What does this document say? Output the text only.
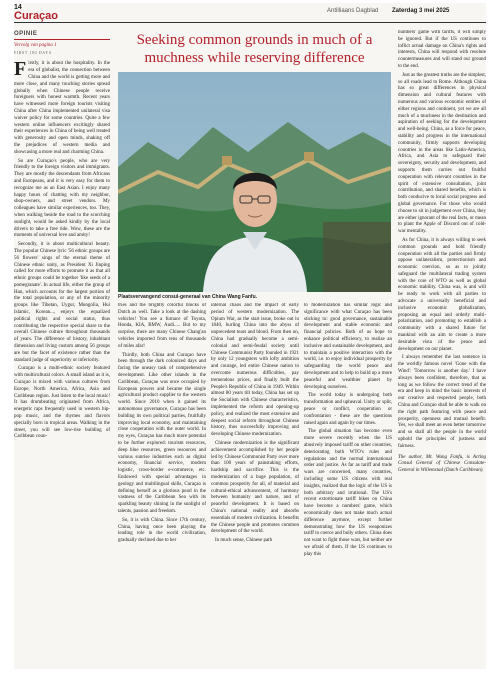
14
Curaçao	Antilliaans Dagblad Zaterdag 3 mei 2025
OPINIE
Vervolg van pagina 1
FIRST 180 DAYS

Firstly, it is about the hospitality. In the era of globalist, the connection between China and the world is getting more and more close, and many touching stories spread globally when Chinese people receive foreigners with honest warmth. Recent years have witnessed more foreign tourists visiting China after China implemented unilateral visa waiver policy for some countries. Quite a few western online influencers excitingly shared their experiences in China of being well treated with generosity and open minds, shaking off the prejudices of western media and showcasing a more real and charming China.

So are Curaçao's people, who are very friendly to the foreign visitors and immigrants. They are mostly the descendants from Africans and Europeans, and it is very easy for them to recognize me as an East Asian. I enjoy many happy hours of chatting with my neighbor, shop-owners, and street vendors. My colleagues have similar experiences, too. They, when walking beside the road to the scorching sunlight, would be asked kindly by the local drivers to take a free ride. Wow, these are the moments of universal love and amity!

Secondly, it is about multicultural beauty. The popular Chinese lyric '56 ethnic groups are 56 flowers' sings of the eternal theme of Chinese ethnic unity, as President Xi Jinping called for more efforts to promote it as that all ethnic groups could be together 'like seeds of a pomegranate'. In actual life, either the group of Han, which accounts for the largest portion of the total population, or any of the minority groups like Tibetan, Uygur, Mongolia, Hui Islamic, Korean..., enjoys the equalized political rights and social status, thus contributing the respective special share to the overall Chinese culture throughout thousands of years. The difference of history, inhabitant dimension and living custom among 56 groups are but the facet of existence rather than the standard judge of superiority or inferiority.

Curaçao is a multi-ethnic society featured with multicultural colors. A small island as it is, Curaçao is mixed with various cultures from Europe, North America, Africa, Asia and Caribbean region. Just listen to the local music! It has drumbeating originated from Africa, energetic raps frequently used in western hip-pop music, and the rhymes and flavors specially born in tropical areas. Walking in the street, you will see low-rise building of Caribbean coun-

Seeking common grounds in much of a muchness while reserving difference
Plaatsvervangend consul-generaal van China Wang Fanfu.

tries and the brightly colorful blocks of Dutch as well. Take a look at the dashing vehicles! You see a furnace of Toyota, Honda, KIA, BMW, Audi..... But to my surprise, there are many Chinese Chang'an vehicles imported from tens of thousands of miles afar!

Thirdly, both China and Curaçao have been through the dark colonized days and facing the uneasy task of comprehensive development. Like other islands in the Caribbean, Curaçao was once occupied by European powers and became the single agricultural product supplier to the western world. Since 2010 when it gained its autonomous governance, Curaçao has been building its own political parties, fruitfully improving local economy, and maintaining close cooperation with the outer world. In my eyes, Curaçao has much more potential to be further explored: tourism resources, deep blue resources, green resources and various sunrise industries such as digital economy, financial service, modern logistic, cross-border e-commerce, etc. Endowed with special advantages in geology and multilingual skills, Curaçao is defining herself as a glorious pearl in the vastness of the Caribbean Sea with its sparkling beauty shining in the sunlight of talents, passion and freedom.

So, it is with China. Since 17th century, China, having once been playing the leading role in the world civilization, gradually declined due to her

internal chaos and the impact of early period of western modernization. The Opium War, as the start issue, broke out in 1840, hurling China into the abyss of unprecedent tears and blood. From then on, China had gradually become a semi-colonial and semi-feudal society until Chinese Communist Party founded in 1921 by only 12 youngsters with lofty ambition and courage, led entire Chinese nation to overcome numerous difficulties, pay tremendous prices, and finally built the People's Republic of China in 1949. Within almost 80 years till today, China has set up the Socialism with Chinese characteristics, implemented the reform and opening-up policy, and realized the most extensive and deepest social reform throughout Chinese history, thus successfully improving and developing Chinese modernization.

Chinese modernization is the significant achievement accomplished by her people led by Chinese Communist Party over more than 100 years of painstaking efforts, hardship and sacrifice. This is the modernization of a huge population, of common prosperity for all, of material and cultural-ethical advancement, of harmony between humanity and nature, and of peaceful development. It is based on China's national reality and absorbs essentials of modern civilization. It benefits the Chinese people and promotes common development of the world.

In much sense, Chinese path

to modernization has similar logic and significance with what Curaçao has been sticking to: good governance, sustainable development and stable economic and financial policies. Both of us hope to enhance political efficiency, to realize an inclusive and sustainable development, and to maintain a positive interaction with the world, i.e. to enjoy individual prosperity by safeguarding the world peace and development and to help to build up a more peaceful and wealthier planet by developing ourselves.

The world today is undergoing both transformation and upheaval. Unity or split, peace or conflict, cooperation or confrontation - these are the questions raised again and again by our times.

The global situation has become even more severe recently when the US abusively imposed tariff on other countries, deteriorating both WTO's rules and regulations and the normal international order and justice. As far as tariff and trade wars are concerned, many countries, including some US citizens with real insights, realized that the logic of the US is both arbitrary and irrational. The US's recent extortionate tariff hikes on China have become a numbers' game, which economically does not make much actual difference anymore, except further demonstrating how the US weaponizes tariff to coerce and bully others. China does not want to fight those wars, but neither are we afraid of them. If the US continues to play this

numbers' game with tariffs, it will simply be ignored. But if the US continues to inflict actual damage on China's rights and interests, China will respond with resolute countermeasures and will stand our ground to the end.

Just as the greatest truths are the simplest, so all roads lead to Rome. Although China has so great differences in physical dimension and cultural features with numerous and various economic entities of either regions and continent, yet we are all much of a muchness in the destination and aspiration of seeking for the development and well-being. China, as a force for peace, stability and progress in the international community, firmly supports developing countries in the areas like Latin-America, Africa, and Asia to safeguard their sovereignty, security and development, and supports them carries out fruitful cooperation with relevant countries in the spirit of extensive consultation, joint contribution, and shared benefits, which is both conducive to local social progress and global governance. For those who would choose to sit in judgement over China, they are either ignorant of the real facts, or mean to plant the Apple of Discord out of cold-war mentality.

As for China, it is always willing to seek common grounds and hold friendly cooperation with all the parties and firmly oppose unilateralism, protectionism and economic coercion, so as to jointly safeguard the multilateral trading system with the core of WTO as well as global economic stability. China was, is and will be ready to work with all parties to advocate a universally beneficial and inclusive economic globalization, proposing an equal and orderly multi-polarization, and promoting to establish a community with a shared future for mankind with an aim to create a more desirable vista of the peace and development on our planet.

I always remember the last sentence in the worldly famous novel 'Gone with the Wind': 'Tomorrow is another day.' I have always been confident, therefore, that as long as we follow the correct trend of the era and keep in mind the basic interests of our creative and respected people, both China and Curaçao shall be able to walk on the right path featuring with peace and prosperity, openness and mutual benefit. Yes, we shall meet an even better tomorrow and so shall all the people in the world uphold the principles of justness and fairness.

The author, Mr. Wang Fanfu, is Acting Consul General of Chinese Consulate-General in Willemstad (Dutch Caribbean).
